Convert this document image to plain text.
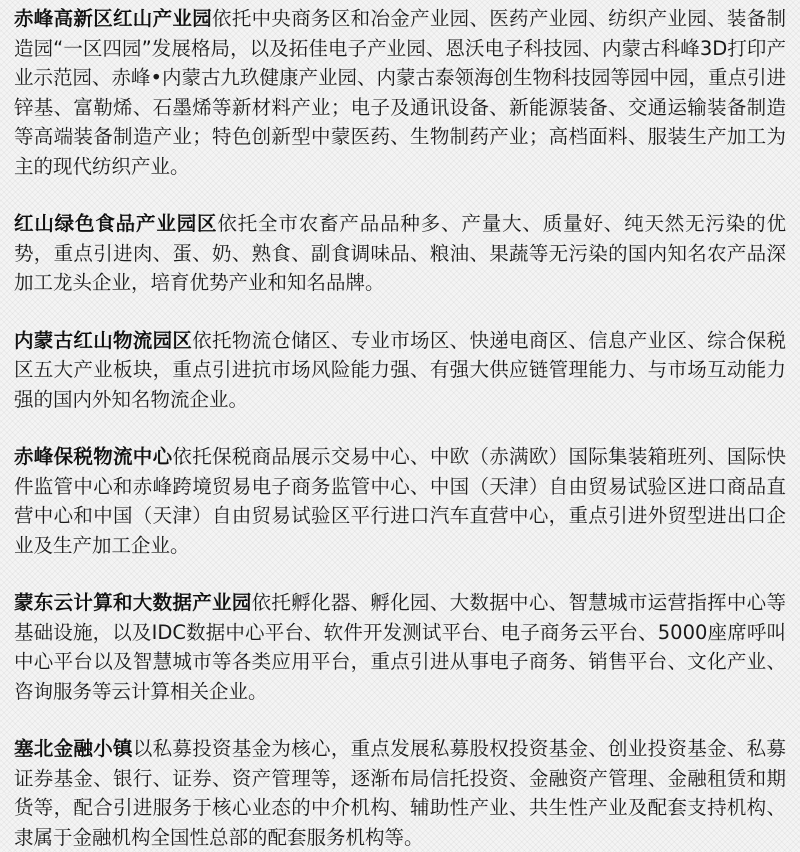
赤峰高新区红山产业园依托中央商务区和冶金产业园、医药产业园、纺织产业园、装备制造园“一区四园”发展格局，以及拓佳电子产业园、恩沃电子科技园、内蒙古科峰3D打印产业示范园、赤峰•内蒙古九玖健康产业园、内蒙古泰领海创生物科技园等园中园，重点引进锌基、富勒烯、石墨烯等新材料产业；电子及通讯设备、新能源装备、交通运输装备制造等高端装备制造产业；特色创新型中蒙医药、生物制药产业；高档面料、服装生产加工为主的现代纺织产业。

红山绿色食品产业园区依托全市农畜产品品种多、产量大、质量好、纯天然无污染的优势，重点引进肉、蛋、奶、熟食、副食调味品、粮油、果蔬等无污染的国内知名农产品深加工龙头企业，培育优势产业和知名品牌。

内蒙古红山物流园区依托物流仓储区、专业市场区、快递电商区、信息产业区、综合保税区五大产业板块，重点引进抗市场风险能力强、有强大供应链管理能力、与市场互动能力强的国内外知名物流企业。

赤峰保税物流中心依托保税商品展示交易中心、中欧（赤满欧）国际集装箱班列、国际快件监管中心和赤峰跨境贸易电子商务监管中心、中国（天津）自由贸易试验区进口商品直营中心和中国（天津）自由贸易试验区平行进口汽车直营中心，重点引进外贸型进出口企业及生产加工企业。

蒙东云计算和大数据产业园依托孵化器、孵化园、大数据中心、智慧城市运营指挥中心等基础设施，以及IDC数据中心平台、软件开发测试平台、电子商务云平台、5000座席呼叫中心平台以及智慧城市等各类应用平台，重点引进从事电子商务、销售平台、文化产业、咨询服务等云计算相关企业。

塞北金融小镇以私募投资基金为核心，重点发展私募股权投资基金、创业投资基金、私募证券基金、银行、证券、资产管理等，逐渐布局信托投资、金融资产管理、金融租赁和期货等，配合引进服务于核心业态的中介机构、辅助性产业、共生性产业及配套支持机构、隶属于金融机构全国性总部的配套服务机构等。
